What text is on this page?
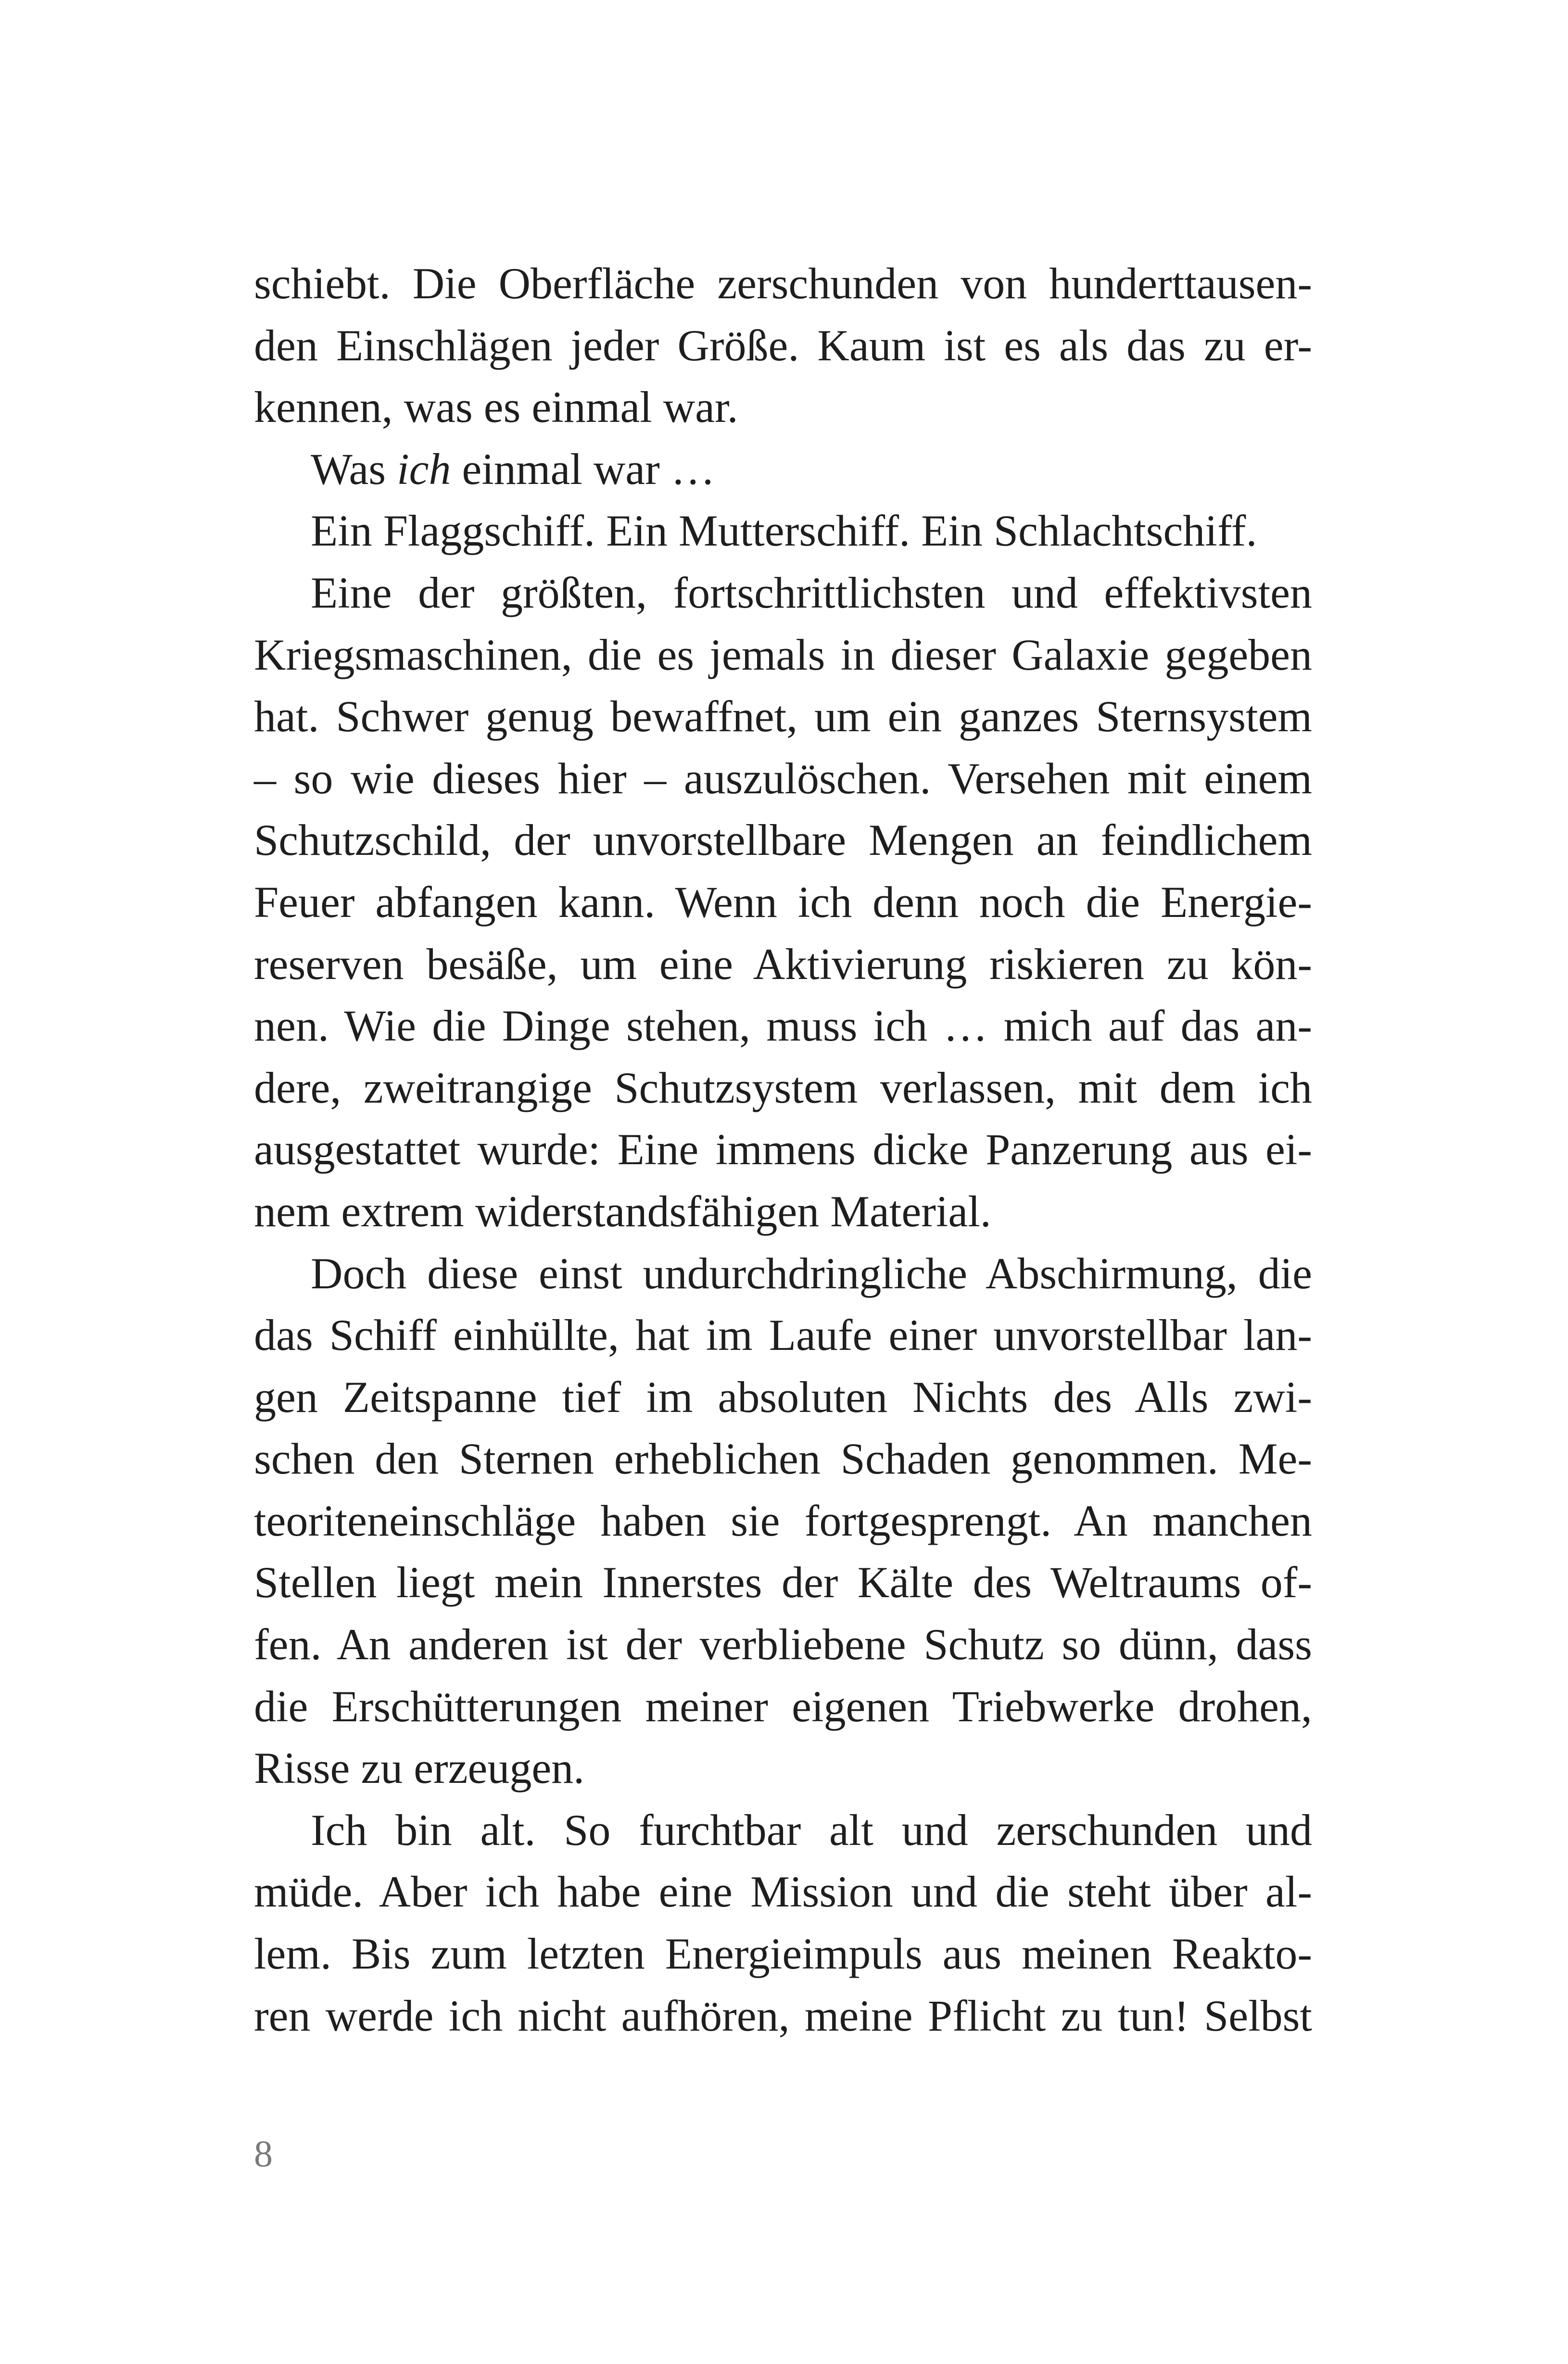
schiebt. Die Oberfläche zerschunden von hunderttausen-
den Einschlägen jeder Größe. Kaum ist es als das zu er-
kennen, was es einmal war.
Was ich einmal war …
Ein Flaggschiff. Ein Mutterschiff. Ein Schlachtschiff.
Eine der größten, fortschrittlichsten und effektivsten
Kriegsmaschinen, die es jemals in dieser Galaxie gegeben
hat. Schwer genug bewaffnet, um ein ganzes Sternsystem
– so wie dieses hier – auszulöschen. Versehen mit einem
Schutzschild, der unvorstellbare Mengen an feindlichem
Feuer abfangen kann. Wenn ich denn noch die Energie-
reserven besäße, um eine Aktivierung riskieren zu kön-
nen. Wie die Dinge stehen, muss ich … mich auf das an-
dere, zweitrangige Schutzsystem verlassen, mit dem ich
ausgestattet wurde: Eine immens dicke Panzerung aus ei-
nem extrem widerstandsfähigen Material.
Doch diese einst undurchdringliche Abschirmung, die
das Schiff einhüllte, hat im Laufe einer unvorstellbar lan-
gen Zeitspanne tief im absoluten Nichts des Alls zwi-
schen den Sternen erheblichen Schaden genommen. Me-
teoriteneinschläge haben sie fortgesprengt. An manchen
Stellen liegt mein Innerstes der Kälte des Weltraums of-
fen. An anderen ist der verbliebene Schutz so dünn, dass
die Erschütterungen meiner eigenen Triebwerke drohen,
Risse zu erzeugen.
Ich bin alt. So furchtbar alt und zerschunden und
müde. Aber ich habe eine Mission und die steht über al-
lem. Bis zum letzten Energieimpuls aus meinen Reakto-
ren werde ich nicht aufhören, meine Pflicht zu tun! Selbst
8
